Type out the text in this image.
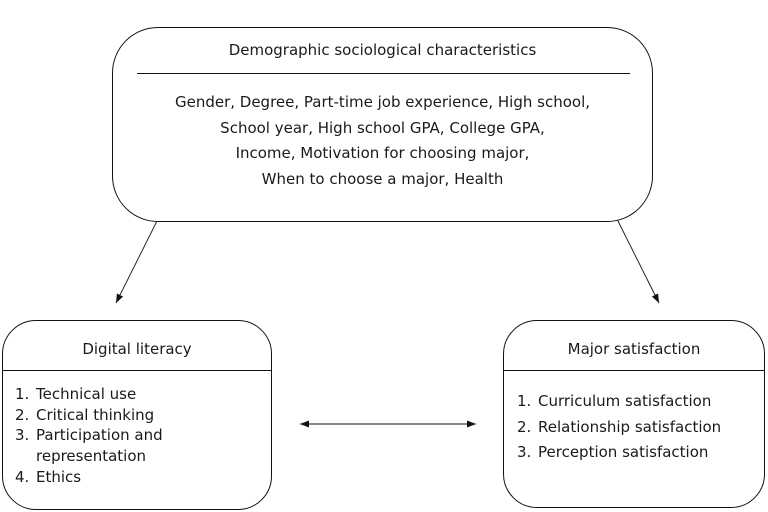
Demographic sociological characteristics
Gender, Degree, Part-time job experience, High school,
School year, High school GPA, College GPA,
Income, Motivation for choosing major,
When to choose a major, Health
Digital literacy
1. Technical use
2. Critical thinking
3. Participation and
representation
4. Ethics
Major satisfaction
1. Curriculum satisfaction
2. Relationship satisfaction
3. Perception satisfaction
